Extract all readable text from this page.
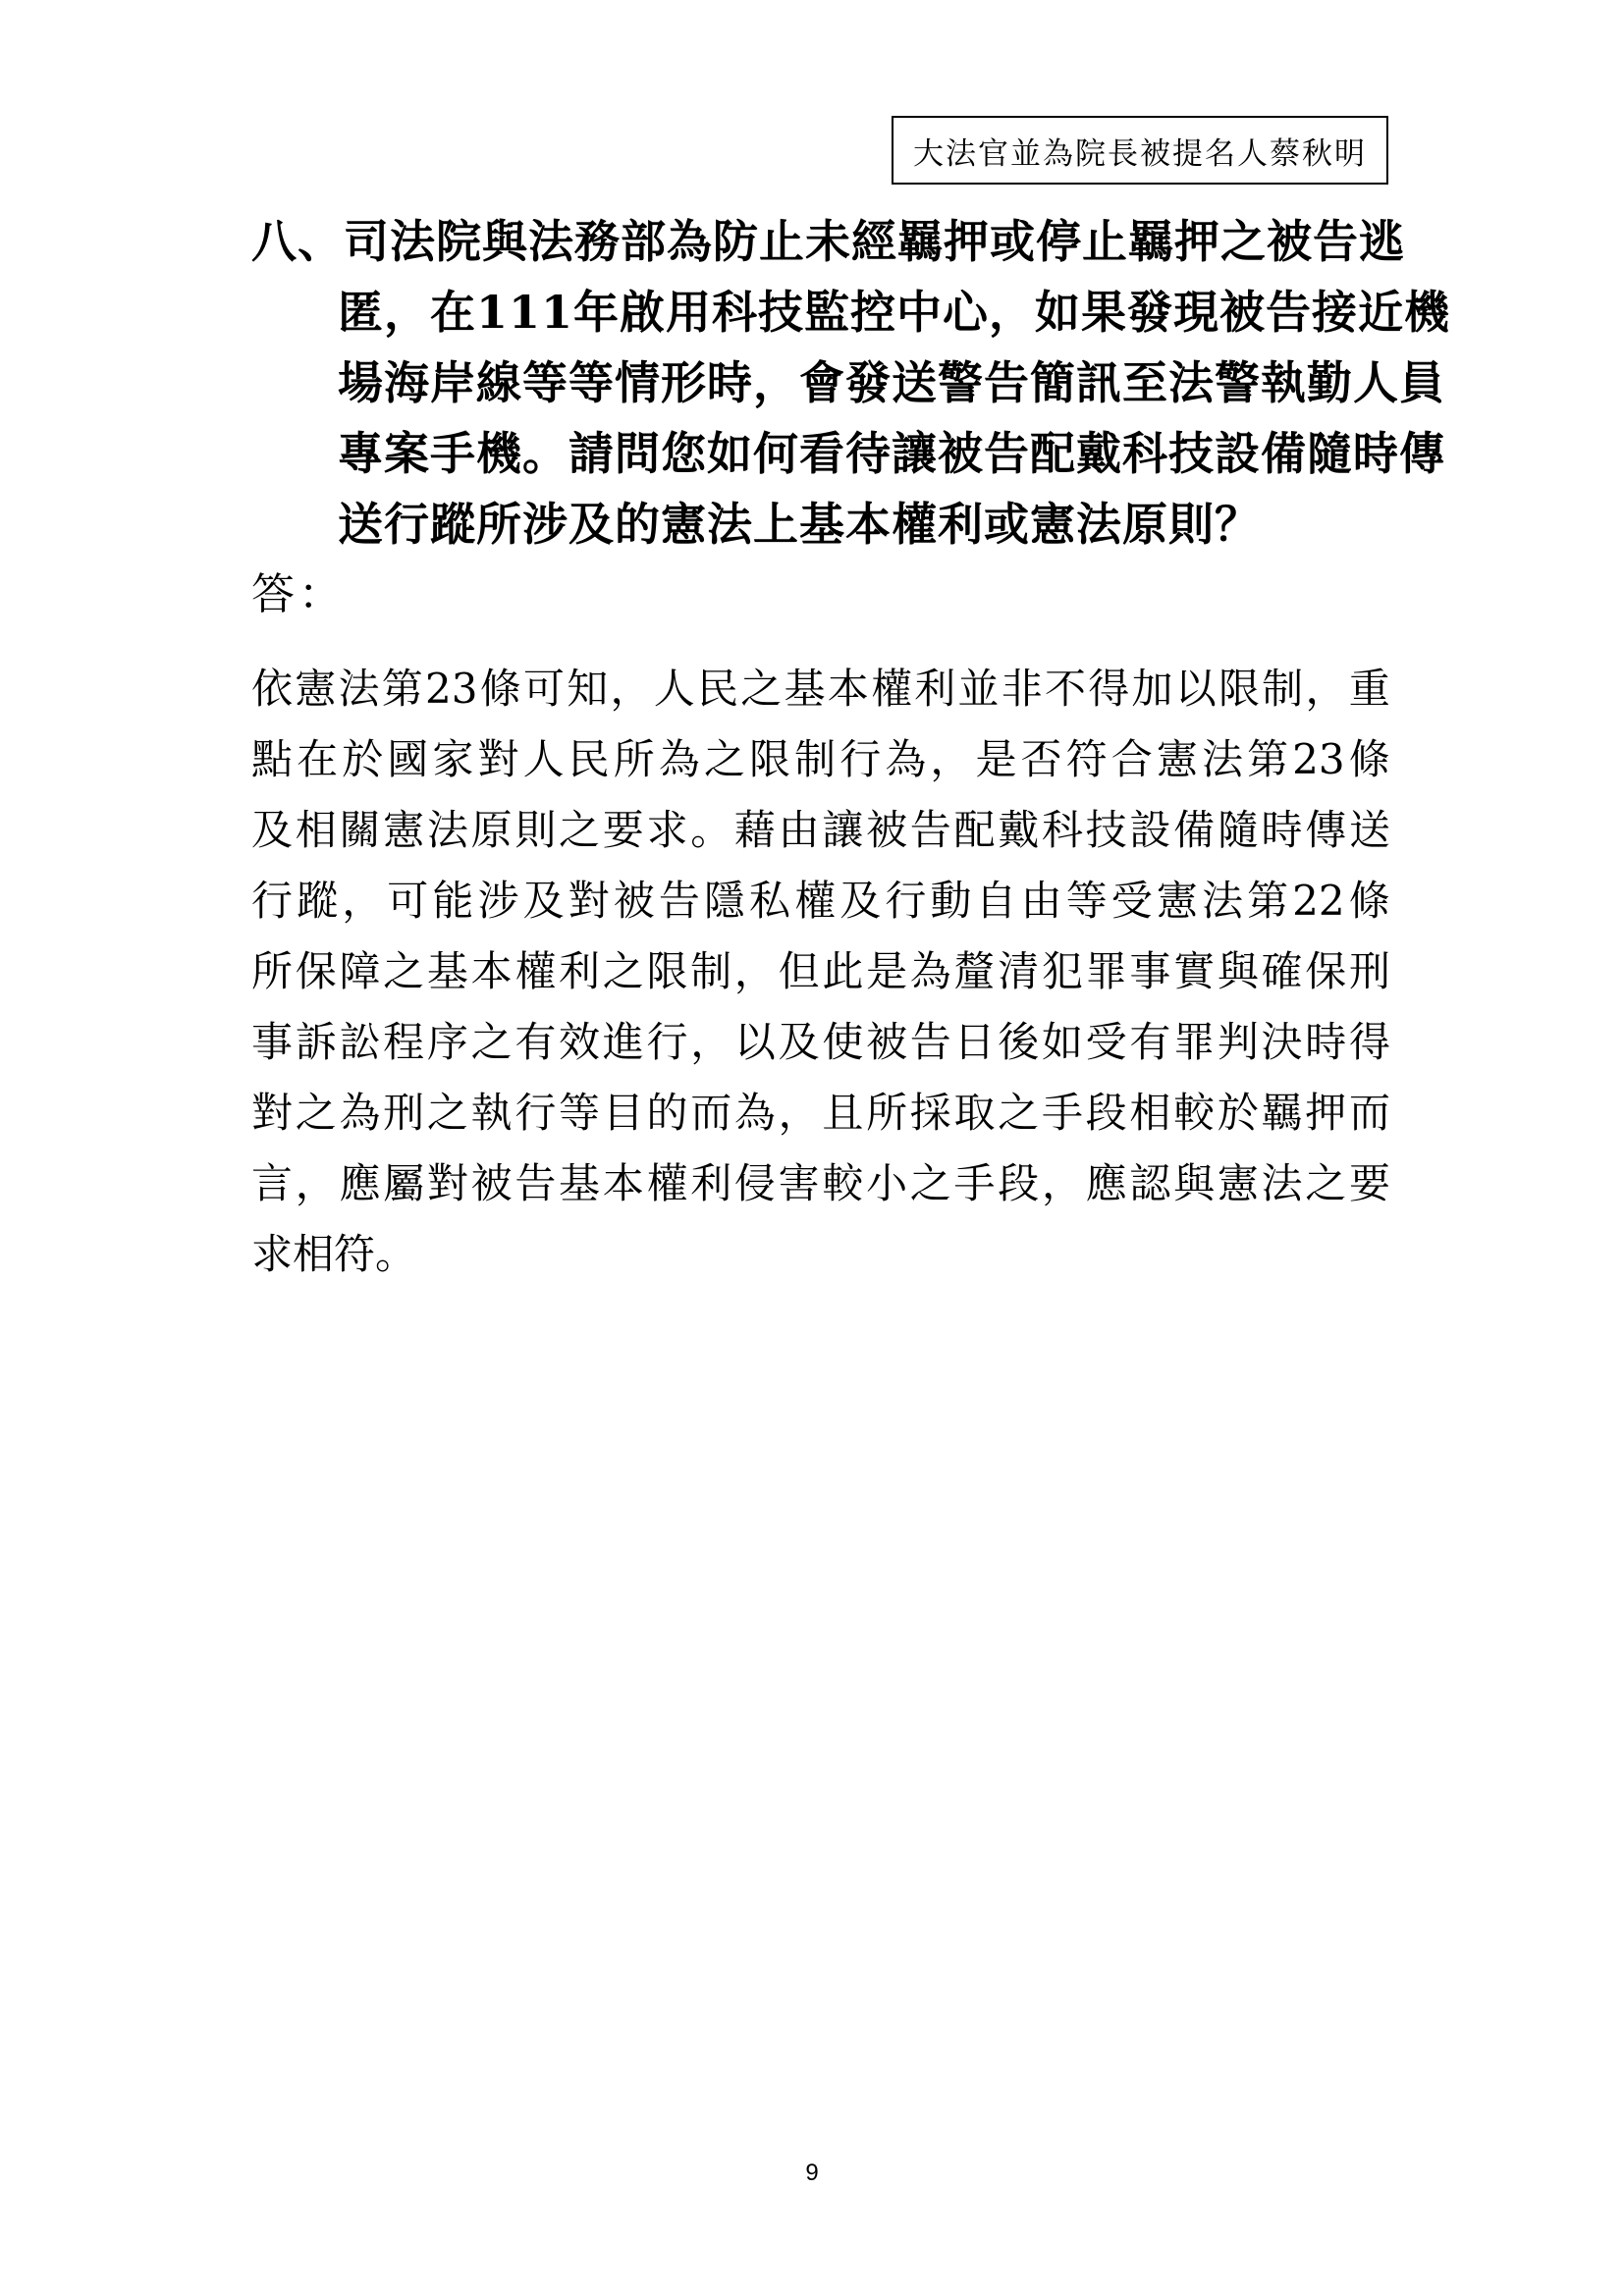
大法官並為院長被提名人蔡秋明
八 、 司 法 院 與 法 務 部 為 防 止 未 經 羈 押 或 停 止 羈 押 之 被 告 逃
匿 ， 在 111 年 啟 用 科 技 監 控 中 心 ， 如 果 發 現 被 告 接 近 機
場 海 岸 線 等 等 情 形 時 ， 會 發 送 警 告 簡 訊 至 法 警 執 勤 人 員
專 案 手 機 。 請 問 您 如 何 看 待 讓 被 告 配 戴 科 技 設 備 隨 時 傳
送行蹤所涉及的憲法上基本權利或憲法原則？
答：
依 憲 法 第 23 條 可 知 ， 人 民 之 基 本 權 利 並 非 不 得 加 以 限 制 ， 重
點 在 於 國 家 對 人 民 所 為 之 限 制 行 為 ， 是 否 符 合 憲 法 第 23 條
及 相 關 憲 法 原 則 之 要 求 。 藉 由 讓 被 告 配 戴 科 技 設 備 隨 時 傳 送
行 蹤 ， 可 能 涉 及 對 被 告 隱 私 權 及 行 動 自 由 等 受 憲 法 第 22 條
所 保 障 之 基 本 權 利 之 限 制 ， 但 此 是 為 釐 清 犯 罪 事 實 與 確 保 刑
事 訴 訟 程 序 之 有 效 進 行 ， 以 及 使 被 告 日 後 如 受 有 罪 判 決 時 得
對 之 為 刑 之 執 行 等 目 的 而 為 ， 且 所 採 取 之 手 段 相 較 於 羈 押 而
言 ， 應 屬 對 被 告 基 本 權 利 侵 害 較 小 之 手 段 ， 應 認 與 憲 法 之 要
求相符。
9
